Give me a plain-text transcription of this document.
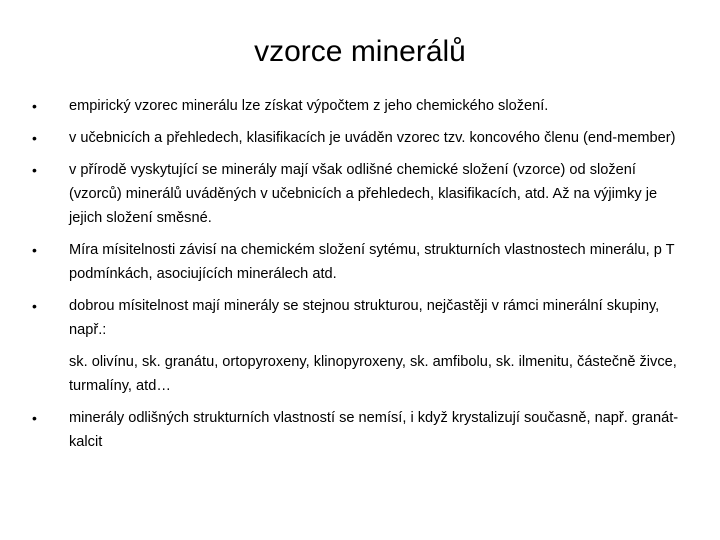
vzorce minerálů
• empirický vzorec minerálu lze získat výpočtem z jeho chemického složení.
• v učebnicích a přehledech, klasifikacích je uváděn vzorec tzv. koncového členu (end-member)
• v přírodě vyskytující se minerály mají však odlišné chemické složení (vzorce) od složení (vzorců) minerálů uváděných v učebnicích a přehledech, klasifikacích, atd. Až na výjimky je jejich složení směsné.
• Míra mísitelnosti závisí na chemickém složení sytému, strukturních vlastnostech minerálu, p T podmínkách, asociujících minerálech atd.
• dobrou mísitelnost mají minerály se stejnou strukturou, nejčastěji v rámci minerální skupiny, např.:
sk. olivínu, sk. granátu, ortopyroxeny, klinopyroxeny, sk. amfibolu, sk. ilmenitu, částečně živce, turmalíny, atd…
• minerály odlišných strukturních vlastností se nemísí, i když krystalizují současně, např. granát-kalcit
